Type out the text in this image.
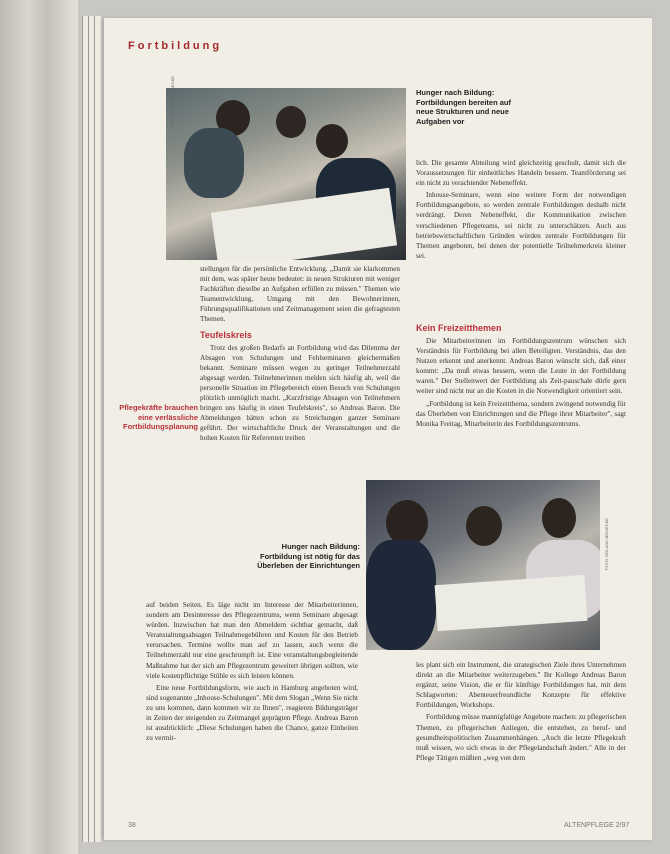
Fortbildung
FOTO: ROLAND MEINECKE	Hunger nach Bildung: Fortbildungen bereiten auf neue Strukturen und neue Aufgaben vor

lich. Die gesamte Abteilung wird gleichzeitig geschult, damit sich die Voraussetzungen für einheitliches Handeln bessern. Teamförderung sei ein nicht zu verachtender Nebeneffekt.

Inhouse-Seminare, wenn eine weitere Form der notwendigen Fortbildungsangebote, so werden zentrale Fortbildungen deshalb nicht verdrängt. Deren Nebeneffekt, die Kommunikation zwischen verschiedenen Pflegeteams, sei nicht zu unterschätzen. Auch aus betriebswirtschaftlichen Gründen würden zentrale Fortbildungen für Themen angeboten, bei denen der potentielle Teilnehmerkreis kleiner sei.

stellungen für die persönliche Entwicklung. „Damit sie klarkommen mit dem, was später heute bedeutet: in neuen Strukturen mit weniger Fachkräften dieselbe an Aufgaben erfüllen zu müssen." Themen wie Teamentwicklung, Umgang mit den Bewohnerinnen, Führungsqualifikationen und Zeitmanagement seien die gefragtesten Themen.

Teufelskreis

Trotz des großen Bedarfs an Fortbildung wird das Dilemma der Absagen von Schulungen und Fehlseminaren gleichermaßen bekannt. Seminare müssen wegen zu geringer Teilnehmerzahl abgesagt werden. Teilnehmerinnen melden sich häufig ab, weil die personelle Situation im Pflegebereich einen Besuch von Schulungen plötzlich unmöglich macht. „Kurzfristige Absagen von Teilnehmern bringen uns häufig in einen Teufelskreis", so Andreas Baron. Die Abmeldungen hätten schon zu Streichungen ganzer Seminare geführt. Der wirtschaftliche Druck der Veranstaltungen und die hohen Kosten für Referenten treiben

Pflegekräfte brauchen eine verlässliche Fortbildungsplanung
Kein Freizeitthemen

Die Mitarbeiterinnen im Fortbildungszentrum wünschen sich Verständnis für Fortbildung bei allen Beteiligten. Verständnis, das den Nutzen erkennt und anerkennt. Andreas Baron wünscht sich, daß einer kommt: „Da muß etwas bessern, wenn die Leute in der Fortbildung waren." Der Stellenwert der Fortbildung als Zeit-pauschale dürfe gern weiter sind nicht nur an die Kosten in die Notwendigkeit orientiert sein.

„Fortbildung ist kein Freizeitthema, sondern zwingend notwendig für das Überleben von Einrichtungen und die Pflege ihrer Mitarbeiter", sagt Monika Freitag, Mitarbeiterin des Fortbildungszentrums.

FOTO: ROLAND MEINECKE
Hunger nach Bildung: Fortbildung ist nötig für das Überleben der Einrichtungen

auf beiden Seiten. Es läge nicht im Interesse der Mitarbeiterinnen, sondern am Desinteresse des Pflegezentrums, wenn Seminare abgesagt würden. Inzwischen hat man den Abmeldern sichtbar gemacht, daß Veranstaltungsabsagen Teilnahmegebühren und Kosten für den Betrieb verursachen. Termine wollte man auf zu lassen, auch wenn die Teilnehmerzahl nur eine geschrumpft ist. Eine veranstaltungsbegleitende Maßnahme hat der sich am Pflegezentrum geweitert übrigen sollten, wie viele kostenpflichtige Stühle es sich leisten können.

Eine neue Fortbildungsform, wie auch in Hamburg angeboten wird, sind sogenannte „Inhouse-Schulungen". Mit dem Slogan „Wenn Sie nicht zu uns kommen, dann kommen wir zu Ihnen", reagieren Bildungsträger in Zeiten der steigenden zu Zeitmangel geprägten Pflege. Andreas Baron ist ausdrücklich: „Diese Schulungen haben die Chance, ganze Einheiten zu vermit-

les plant sich ein Instrument, die strategischen Ziele ihres Unternehmen direkt an die Mitarbeiter weiterzugeben." Ihr Kollege Andreas Baron ergänzt, seine Vision, die er für künftige Fortbildungen hat, mit dem Schlagworten: Abenteuerfreundliche Konzepte für effektive Fortbildungen, Workshops.

Fortbildung müsse mannigfaltige Angebote machen: zu pflegerischen Themen, zu pflegerischen Anliegen, die entstehen, zu beruf- und gesundheitspolitischen Zusammenhängen. „Auch die letzte Pflegekraft muß wissen, wo sich etwas in der Pflegelandschaft ändert." Alle in der Pflege Tätigen müßten „weg von dem

38	ALTENPFLEGE 2/97
